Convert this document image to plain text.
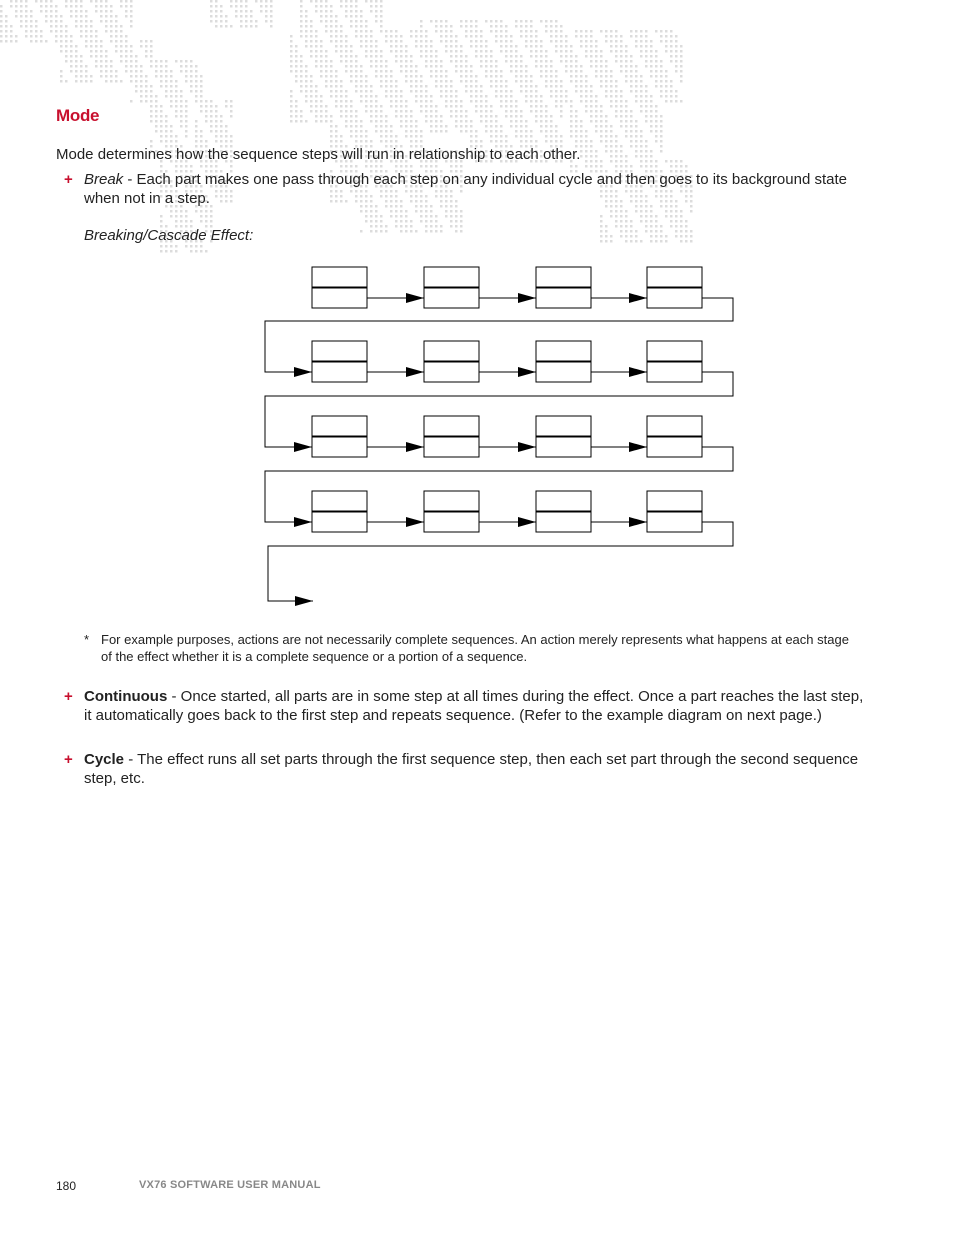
Mode

Mode determines how the sequence steps will run in relationship to each other.

+ Break - Each part makes one pass through each step on any individual cycle and then goes to its background state when not in a step.
Breaking/Cascade Effect:
* For example purposes, actions are not necessarily complete sequences. An action merely represents what happens at each stage of the effect whether it is a complete sequence or a portion of a sequence.
+ Continuous - Once started, all parts are in some step at all times during the effect. Once a part reaches the last step, it automatically goes back to the first step and repeats sequence. (Refer to the example diagram on next page.)
+ Cycle - The effect runs all set parts through the first sequence step, then each set part through the second sequence step, etc.
180	VX76 SOFTWARE USER MANUAL
